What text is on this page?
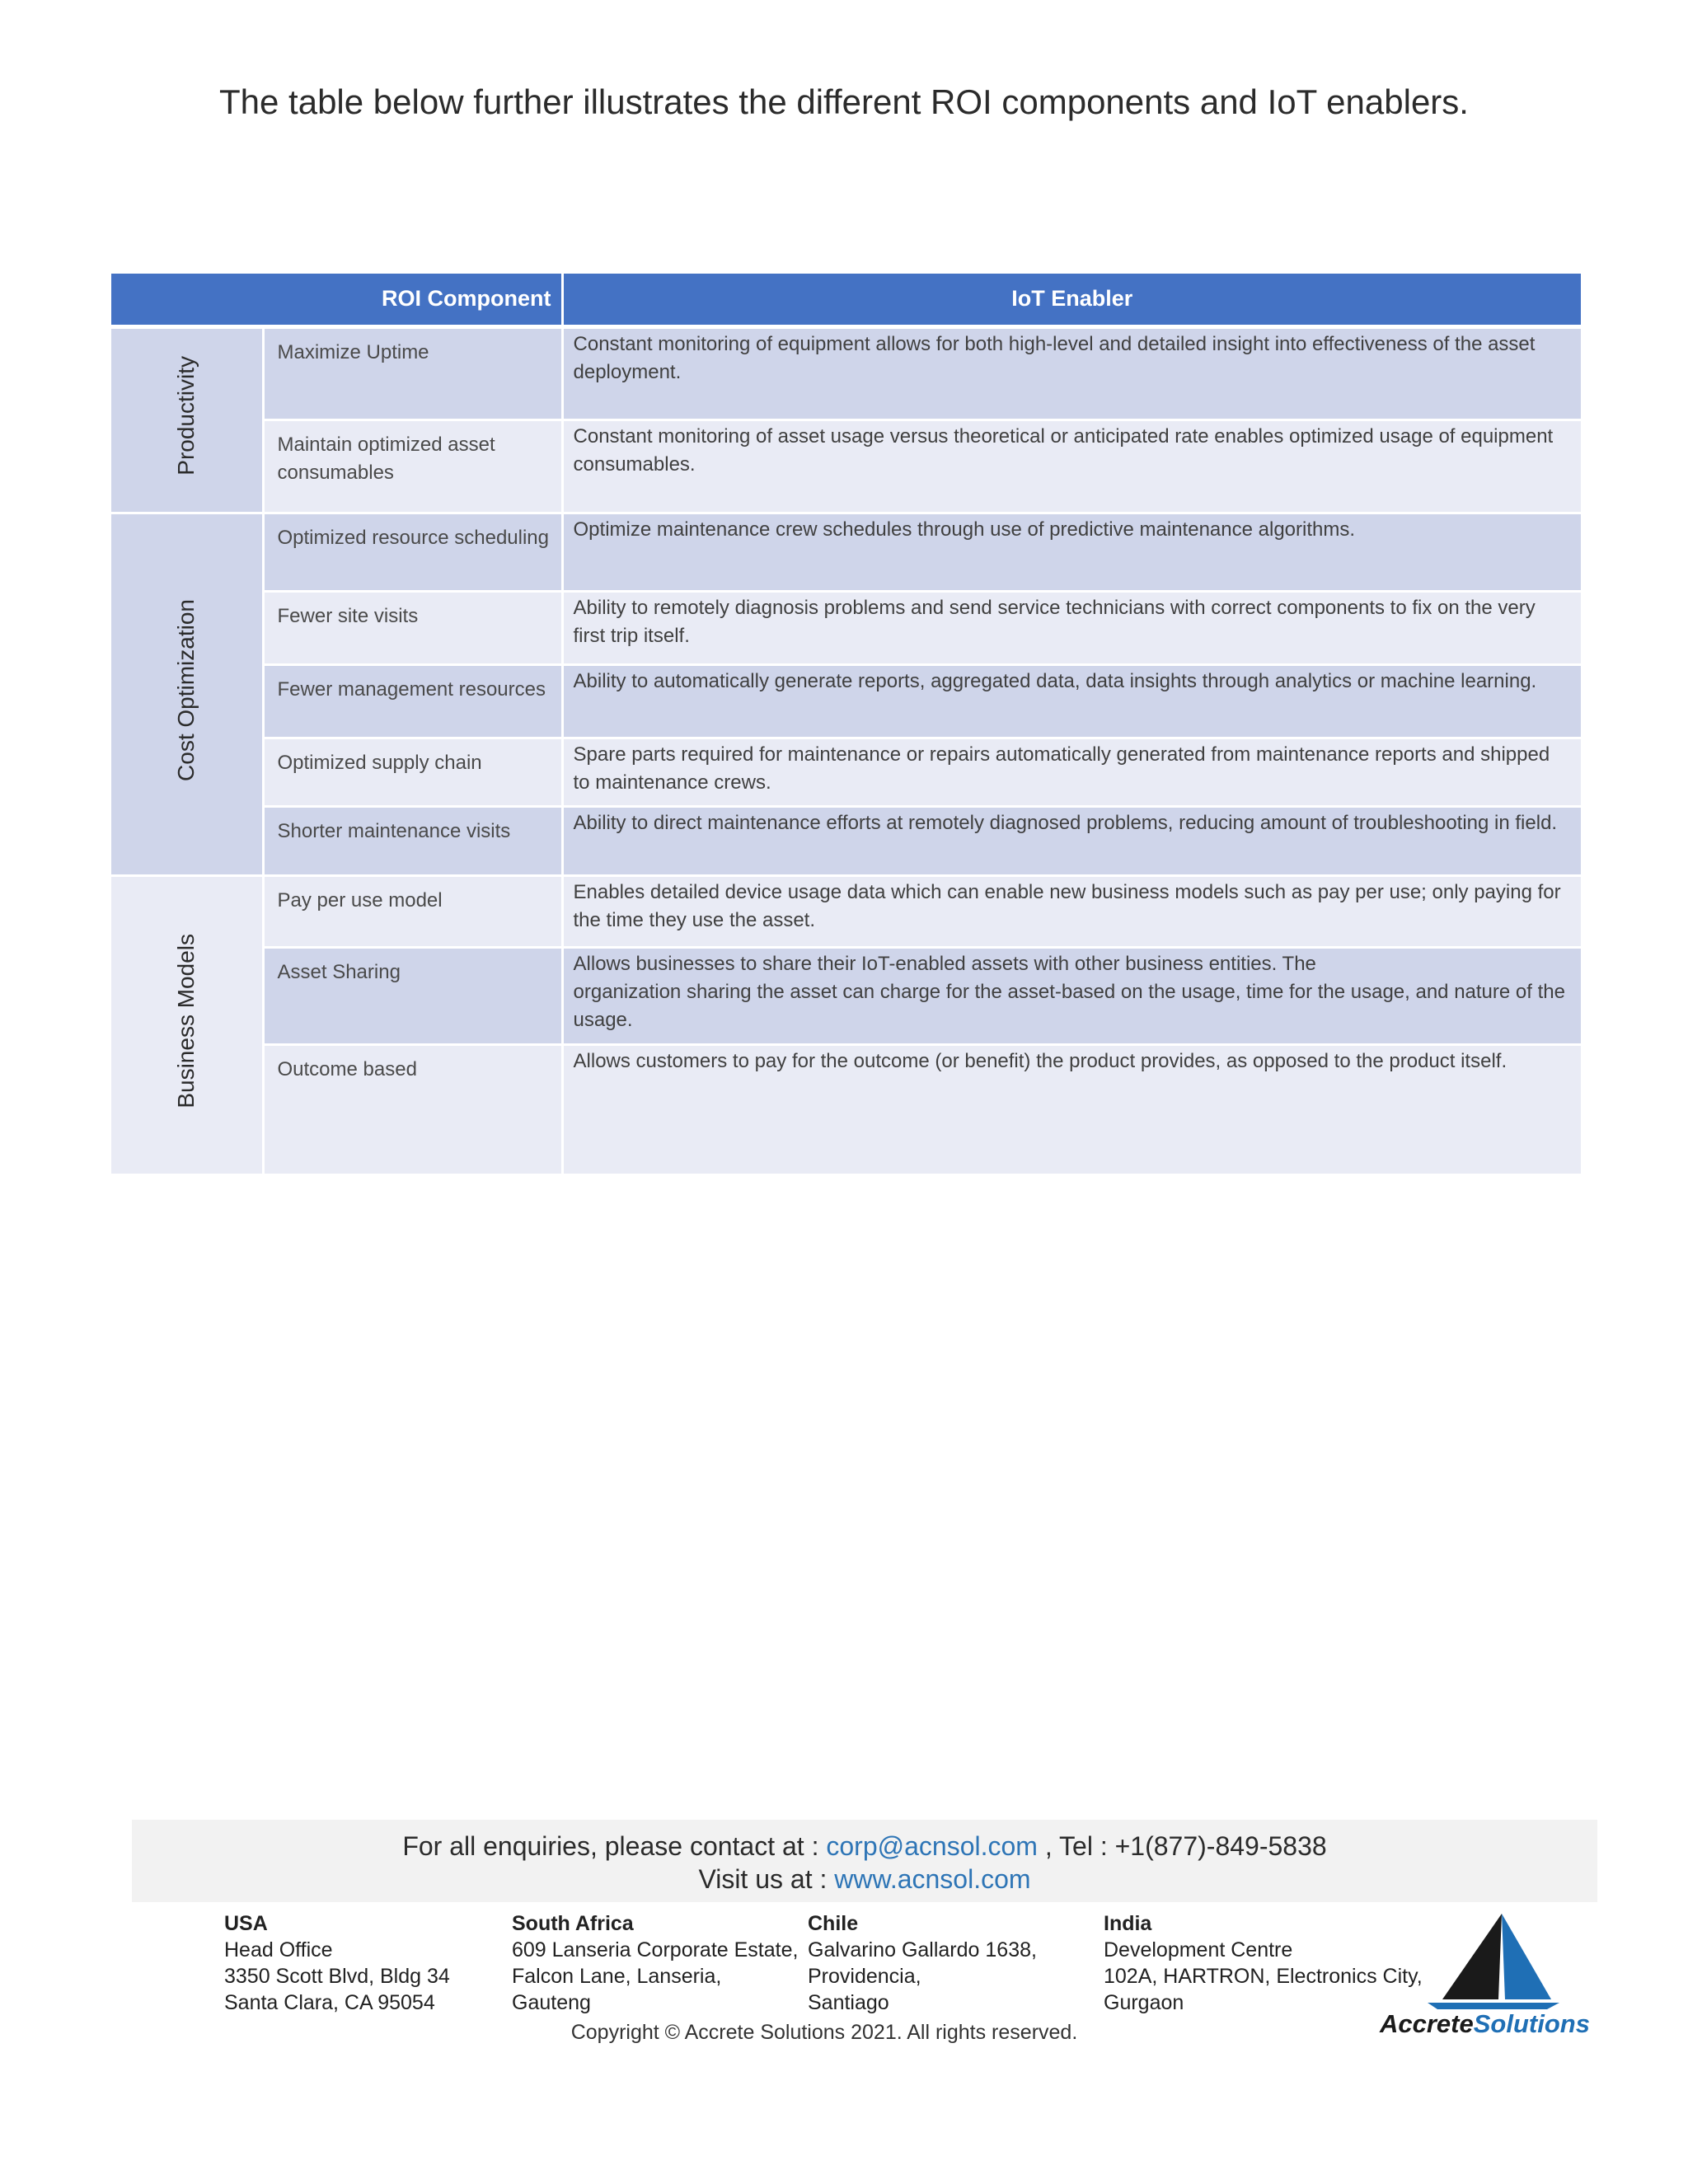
The table below further illustrates the different ROI components and IoT enablers.

ROI Component		IoT Enabler
Productivity	Maximize Uptime	Constant monitoring of equipment allows for both high-level and detailed insight into effectiveness of the asset deployment.
	Maintain optimized asset consumables	Constant monitoring of asset usage versus theoretical or anticipated rate enables optimized usage of equipment consumables.
Cost Optimization	Optimized resource scheduling	Optimize maintenance crew schedules through use of predictive maintenance algorithms.
	Fewer site visits	Ability to remotely diagnosis problems and send service technicians with correct components to fix on the very first trip itself.
	Fewer management resources	Ability to automatically generate reports, aggregated data, data insights through analytics or machine learning.
	Optimized supply chain	Spare parts required for maintenance or repairs automatically generated from maintenance reports and shipped to maintenance crews.
	Shorter maintenance visits	Ability to direct maintenance efforts at remotely diagnosed problems, reducing amount of troubleshooting in field.
Business Models	Pay per use model	Enables detailed device usage data which can enable new business models such as pay per use; only paying for the time they use the asset.
	Asset Sharing	Allows businesses to share their IoT-enabled assets with other business entities. The
organization sharing the asset can charge for the asset-based on the usage, time for the usage, and nature of the usage.

	Outcome based	Allows customers to pay for the outcome (or benefit) the product provides, as opposed to the product itself.
For all enquiries, please contact at : corp@acnsol.com , Tel : +1(877)-849-5838
Visit us at : www.acnsol.com
USA
Head Office
3350 Scott Blvd, Bldg 34
Santa Clara, CA 95054
South Africa
609 Lanseria Corporate Estate,
Falcon Lane, Lanseria,
Gauteng
Chile
Galvarino Gallardo 1638,
Providencia,
Santiago
India
Development Centre
102A, HARTRON, Electronics City,
Gurgaon
Copyright © Accrete Solutions 2021. All rights reserved.	AccreteSolutions
